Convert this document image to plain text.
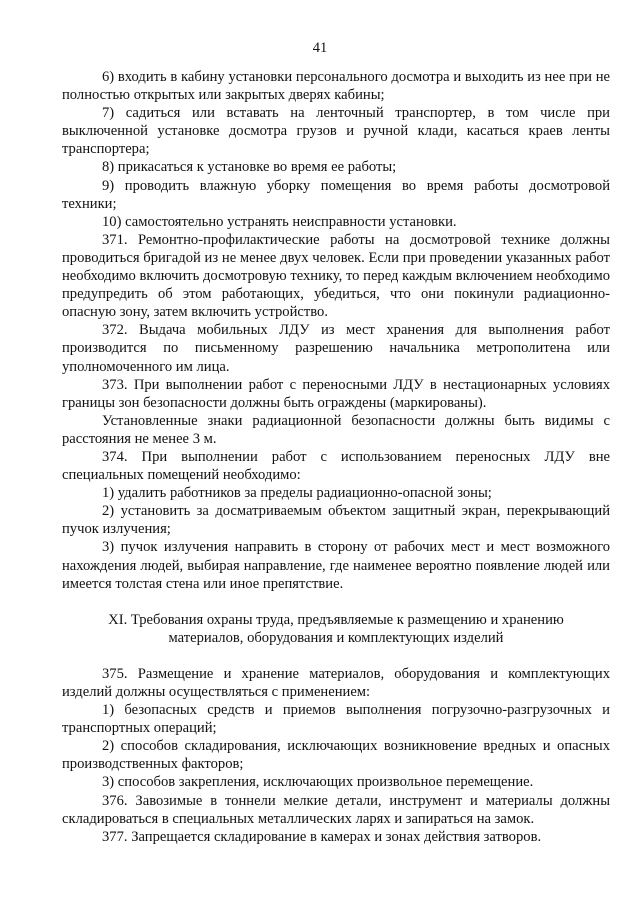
41

6) входить в кабину установки персонального досмотра и выходить из нее при не полностью открытых или закрытых дверях кабины;

7) садиться или вставать на ленточный транспортер, в том числе при выключенной установке досмотра грузов и ручной клади, касаться краев ленты транспортера;

8) прикасаться к установке во время ее работы;

9) проводить влажную уборку помещения во время работы досмотровой техники;

10) самостоятельно устранять неисправности установки.

371. Ремонтно-профилактические работы на досмотровой технике должны проводиться бригадой из не менее двух человек. Если при проведении указанных работ необходимо включить досмотровую технику, то перед каждым включением необходимо предупредить об этом работающих, убедиться, что они покинули радиационно-опасную зону, затем включить устройство.

372. Выдача мобильных ЛДУ из мест хранения для выполнения работ производится по письменному разрешению начальника метрополитена или уполномоченного им лица.

373. При выполнении работ с переносными ЛДУ в нестационарных условиях границы зон безопасности должны быть ограждены (маркированы).

Установленные знаки радиационной безопасности должны быть видимы с расстояния не менее 3 м.

374. При выполнении работ с использованием переносных ЛДУ вне специальных помещений необходимо:

1) удалить работников за пределы радиационно-опасной зоны;

2) установить за досматриваемым объектом защитный экран, перекрывающий пучок излучения;

3) пучок излучения направить в сторону от рабочих мест и мест возможного нахождения людей, выбирая направление, где наименее вероятно появление людей или имеется толстая стена или иное препятствие.

XI. Требования охраны труда, предъявляемые к размещению и хранению материалов, оборудования и комплектующих изделий

375. Размещение и хранение материалов, оборудования и комплектующих изделий должны осуществляться с применением:

1) безопасных средств и приемов выполнения погрузочно-разгрузочных и транспортных операций;

2) способов складирования, исключающих возникновение вредных и опасных производственных факторов;

3) способов закрепления, исключающих произвольное перемещение.

376. Завозимые в тоннели мелкие детали, инструмент и материалы должны складироваться в специальных металлических ларях и запираться на замок.

377. Запрещается складирование в камерах и зонах действия затворов.
